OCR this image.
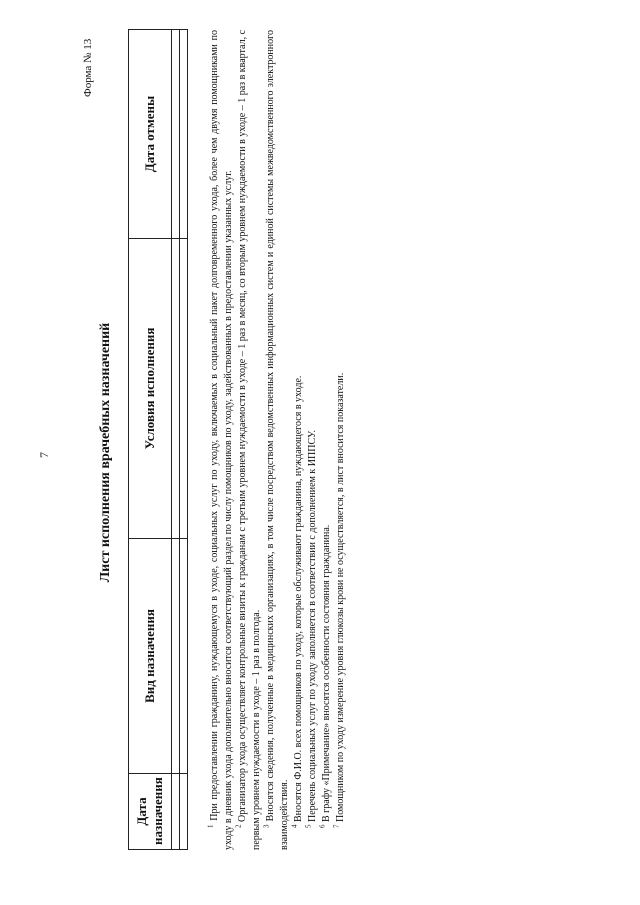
7
Форма № 13
Лист исполнения врачебных назначений
Дата назначения	Вид назначения	Условия исполнения	Дата отмены

$^1$ При предоставлении гражданину, нуждающемуся в уходе, социальных услуг по уходу, включаемых в социальный пакет долговременного ухода, более чем двумя помощниками по уходу в дневник ухода дополнительно вносится соответствующий раздел по числу помощников по уходу, задействованных в предоставлении указанных услуг. $^2$ Организатор ухода осуществляет контрольные визиты к гражданам с третьим уровнем нуждаемости в уходе – 1 раз в месяц, со вторым уровнем нуждаемости в уходе – 1 раз в квартал, с первым уровнем нуждаемости в уходе – 1 раз в полгода. $^3$ Вносятся сведения, полученные в медицинских организациях, в том числе посредством ведомственных информационных систем и единой системы межведомственного электронного взаимодействия. $^4$ Вносятся Ф.И.О. всех помощников по уходу, которые обслуживают гражданина, нуждающегося в уходе.

$^5$ Перечень социальных услуг по уходу заполняется в соответствии с дополнением к ИППСУ.

$^6$ В графу «Примечание» вносятся особенности состояния гражданина.

$^7$ Помощником по уходу измерение уровня глюкозы крови не осуществляется, в лист вносится показатели.
